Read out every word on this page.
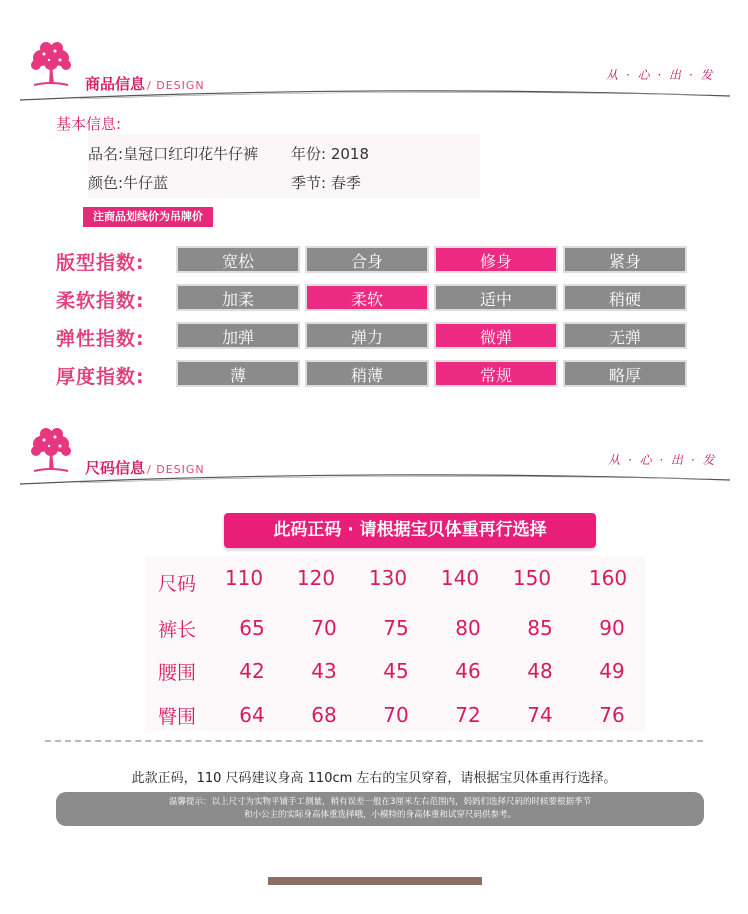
商品信息 / DESIGN
从 · 心 · 出 · 发
基本信息:
品名:皇冠口红印花牛仔裤 年份: 2018
颜色:牛仔蓝	季节: 春季
注商品划线价为吊牌价
版型指数:	宽松	合身	修身	紧身
柔软指数:	加柔	柔软	适中	稍硬
弹性指数:	加弹	弹力	微弹	无弹
厚度指数:	薄	稍薄	常规	略厚
尺码信息 / DESIGN
从 · 心 · 出 · 发
此码正码 · 请根据宝贝体重再行选择
尺码	110	120	130	140	150	160
裤长	65	70	75	80	85	90
腰围	42	43	45	46	48	49
臀围	64	68	70	72	74	76
此款正码，110 尺码建议身高 110cm 左右的宝贝穿着，请根据宝贝体重再行选择。
温馨提示：以上尺寸为实物平铺手工测量，稍有误差一般在3厘米左右范围内，妈妈们选择尺码的时候要根据季节
和小公主的实际身高体重选择哦，小模特的身高体重和试穿尺码供参考。
